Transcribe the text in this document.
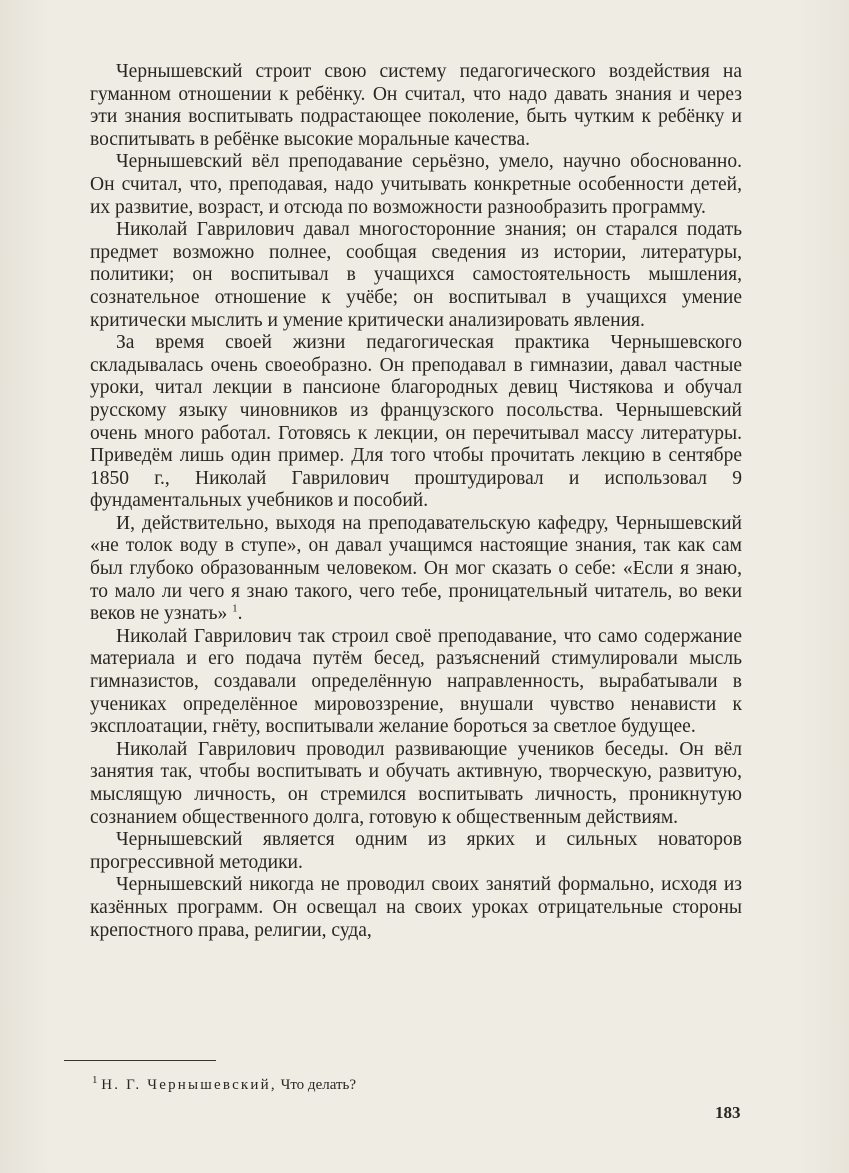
Чернышевский строит свою систему педагогического воздействия на гуманном отношении к ребёнку. Он считал, что надо давать знания и через эти знания воспитывать подрастающее поколение, быть чутким к ребёнку и воспитывать в ребёнке высокие моральные качества.

Чернышевский вёл преподавание серьёзно, умело, научно обоснованно. Он считал, что, преподавая, надо учитывать конкретные особенности детей, их развитие, возраст, и отсюда по возможности разнообразить программу.

Николай Гаврилович давал многосторонние знания; он старался подать предмет возможно полнее, сообщая сведения из истории, литературы, политики; он воспитывал в учащихся самостоятельность мышления, сознательное отношение к учёбе; он воспитывал в учащихся умение критически мыслить и умение критически анализировать явления.

За время своей жизни педагогическая практика Чернышевского складывалась очень своеобразно. Он преподавал в гимназии, давал частные уроки, читал лекции в пансионе благородных девиц Чистякова и обучал русскому языку чиновников из французского посольства. Чернышевский очень много работал. Готовясь к лекции, он перечитывал массу литературы. Приведём лишь один пример. Для того чтобы прочитать лекцию в сентябре 1850 г., Николай Гаврилович проштудировал и использовал 9 фундаментальных учебников и пособий.

И, действительно, выходя на преподавательскую кафедру, Чернышевский «не толок воду в ступе», он давал учащимся настоящие знания, так как сам был глубоко образованным человеком. Он мог сказать о себе: «Если я знаю, то мало ли чего я знаю такого, чего тебе, проницательный читатель, во веки веков не узнать» $^1$.

Николай Гаврилович так строил своё преподавание, что само содержание материала и его подача путём бесед, разъяснений стимулировали мысль гимназистов, создавали определённую направленность, вырабатывали в учениках определённое мировоззрение, внушали чувство ненависти к эксплоатации, гнёту, воспитывали желание бороться за светлое будущее.

Николай Гаврилович проводил развивающие учеников беседы. Он вёл занятия так, чтобы воспитывать и обучать активную, творческую, развитую, мыслящую личность, он стремился воспитывать личность, проникнутую сознанием общественного долга, готовую к общественным действиям.

Чернышевский является одним из ярких и сильных новаторов прогрессивной методики.

Чернышевский никогда не проводил своих занятий формально, исходя из казённых программ. Он освещал на своих уроках отрицательные стороны крепостного права, религии, суда,

$^1$ Н. Г. Чернышевский, Что делать?
183
